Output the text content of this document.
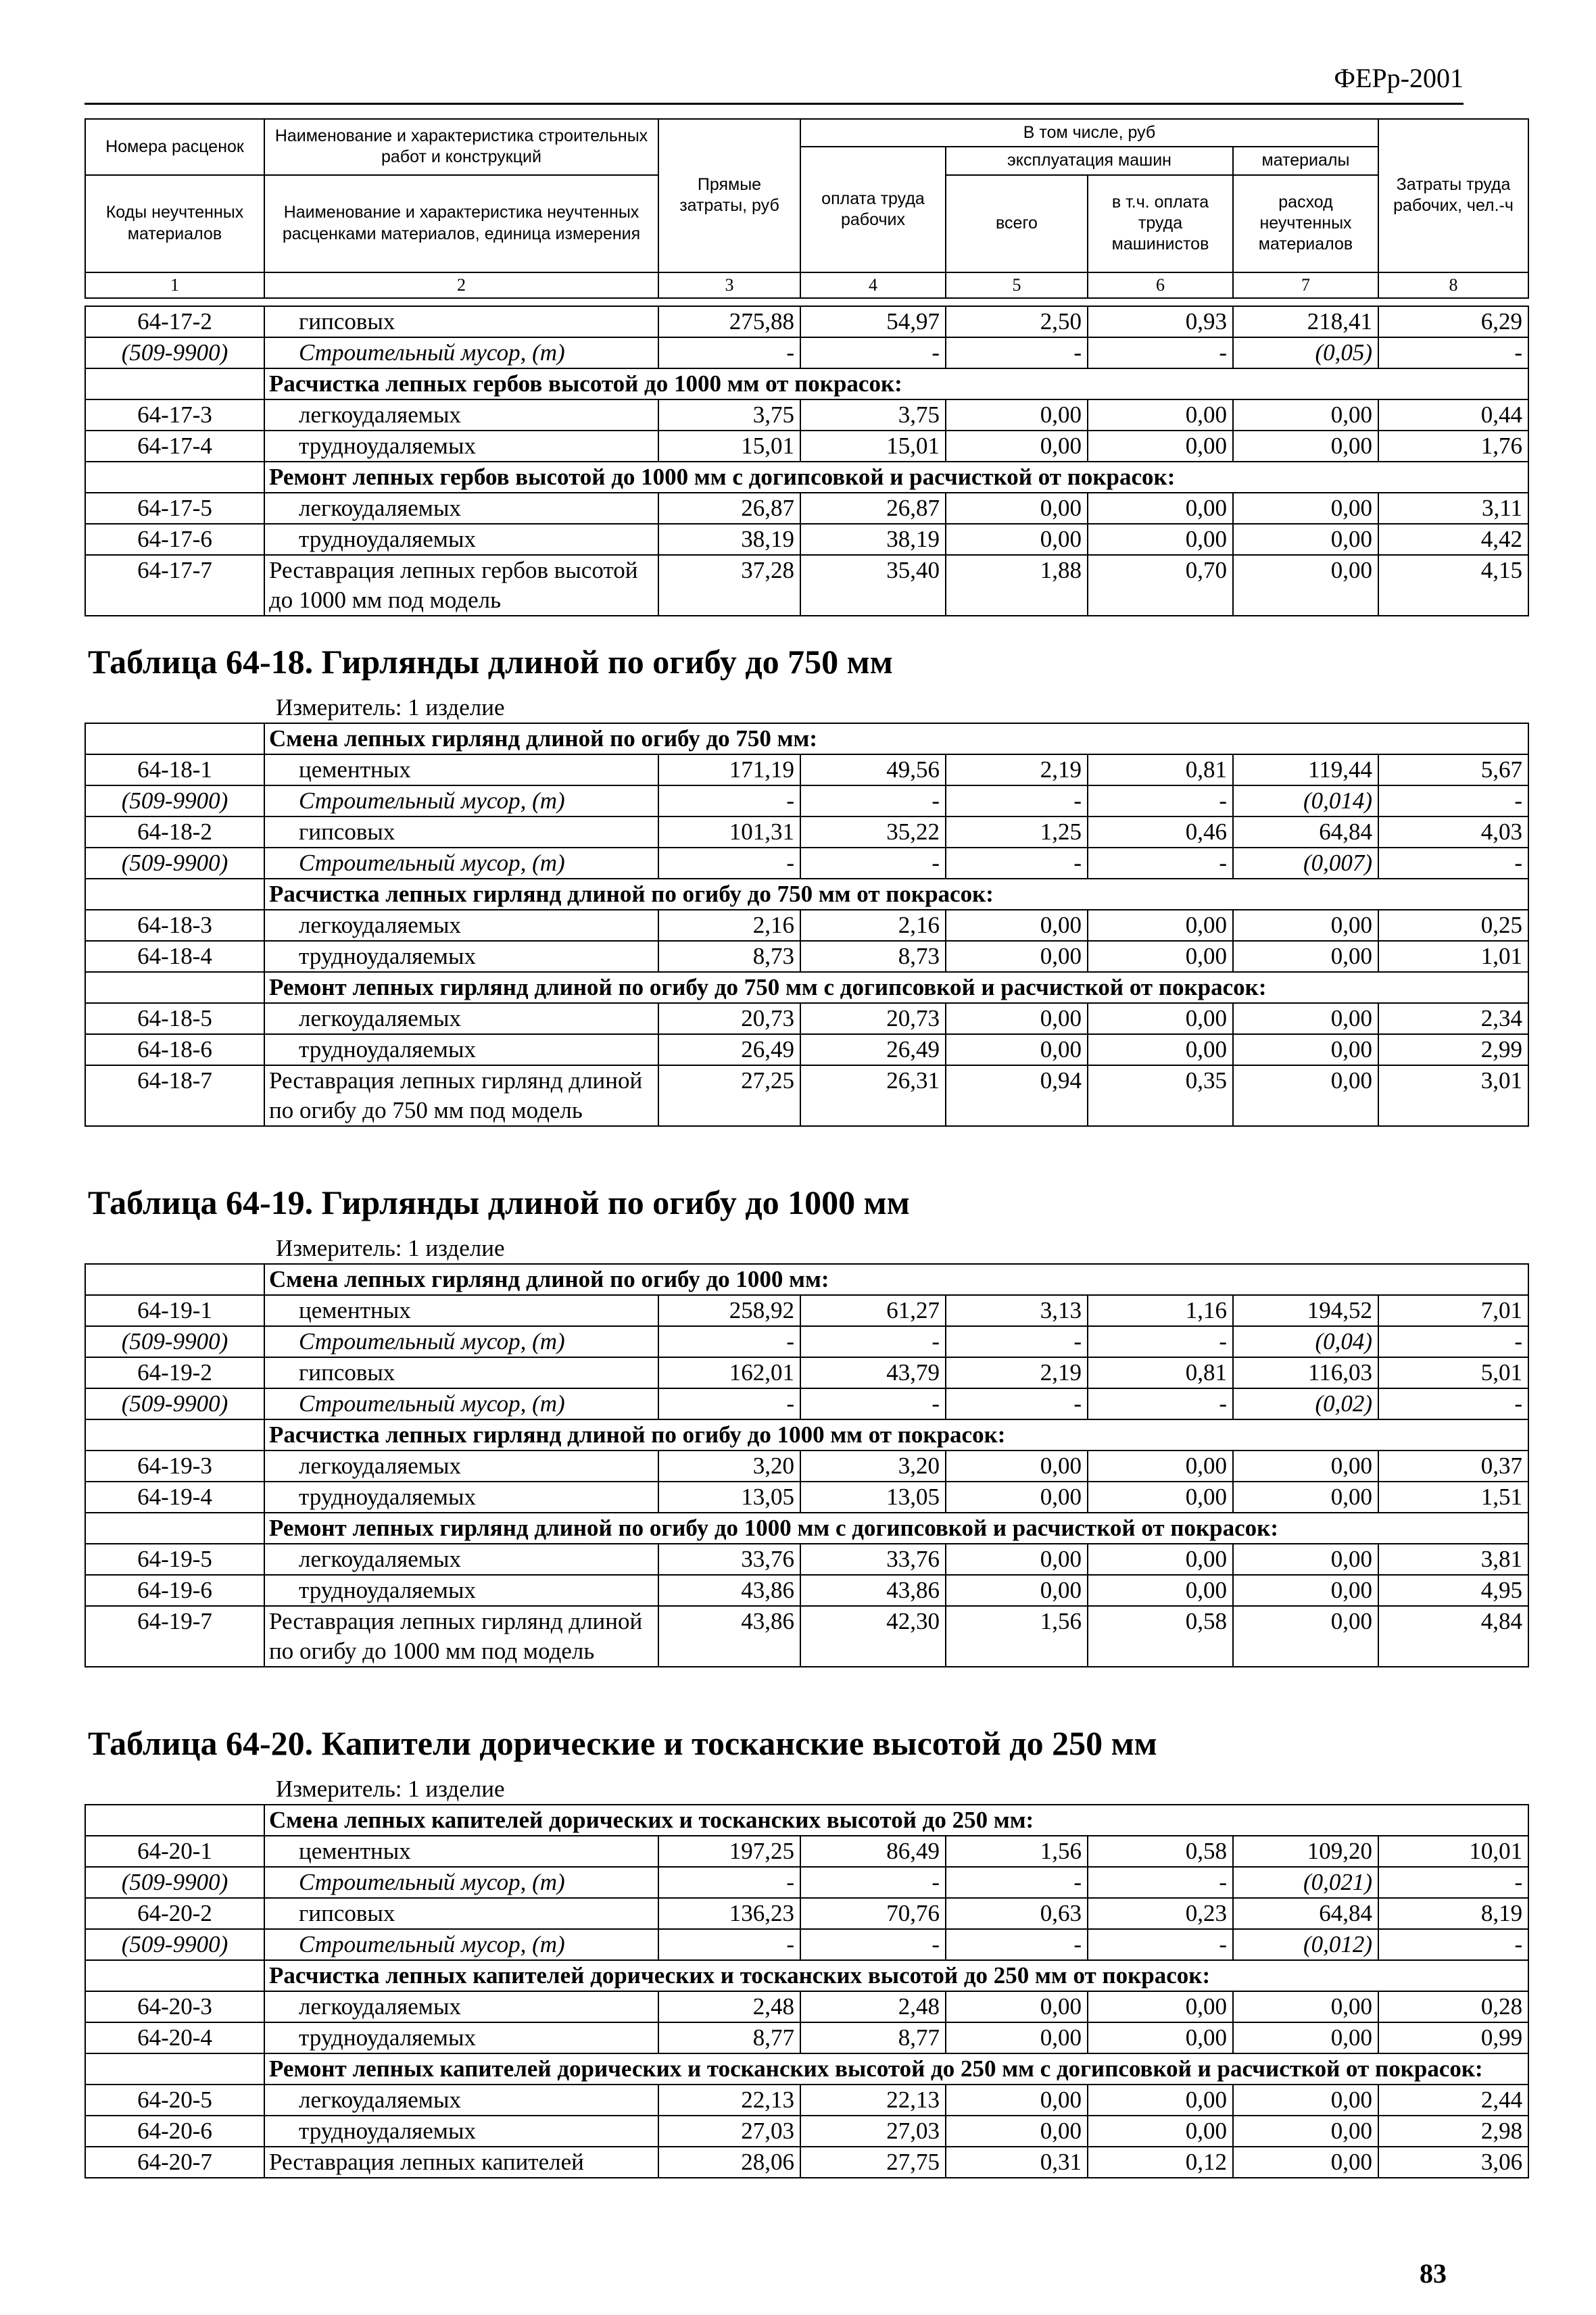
ФЕРр-2001
Номера расценок	Наименование и характеристика строительных работ и конструкций	Прямые затраты, руб	В том числе, руб				Затраты труда рабочих, чел.-ч
			оплата труда рабочих	эксплуатация машин		материалы	
Коды неучтенных материалов	Наименование и характеристика неучтенных расценками материалов, единица измерения			всего	в т.ч. оплата труда машинистов	расход неучтенных материалов	

1	2	3	4	5	6	7	8
64-17-2	гипсовых	275,88	54,97	2,50	0,93	218,41	6,29
(509-9900)	Строительный мусор, (т)	-	-	-	-	(0,05)	-
	Расчистка лепных гербов высотой до 1000 мм от покрасок:						
64-17-3	легкоудаляемых	3,75	3,75	0,00	0,00	0,00	0,44
64-17-4	трудноудаляемых	15,01	15,01	0,00	0,00	0,00	1,76
	Ремонт лепных гербов высотой до 1000 мм с догипсовкой и расчисткой от покрасок:						
64-17-5	легкоудаляемых	26,87	26,87	0,00	0,00	0,00	3,11
64-17-6	трудноудаляемых	38,19	38,19	0,00	0,00	0,00	4,42
64-17-7	Реставрация лепных гербов высотой до 1000 мм под модель	37,28	35,40	1,88	0,70	0,00	4,15
Таблица 64-18. Гирлянды длиной по огибу до 750 мм
	Измеритель: 1 изделие
	Смена лепных гирлянд длиной по огибу до 750 мм:						
64-18-1	цементных	171,19	49,56	2,19	0,81	119,44	5,67
(509-9900)	Строительный мусор, (т)	-	-	-	-	(0,014)	-
64-18-2	гипсовых	101,31	35,22	1,25	0,46	64,84	4,03
(509-9900)	Строительный мусор, (т)	-	-	-	-	(0,007)	-
	Расчистка лепных гирлянд длиной по огибу до 750 мм от покрасок:						
64-18-3	легкоудаляемых	2,16	2,16	0,00	0,00	0,00	0,25
64-18-4	трудноудаляемых	8,73	8,73	0,00	0,00	0,00	1,01
	Ремонт лепных гирлянд длиной по огибу до 750 мм с догипсовкой и расчисткой от покрасок:						
64-18-5	легкоудаляемых	20,73	20,73	0,00	0,00	0,00	2,34
64-18-6	трудноудаляемых	26,49	26,49	0,00	0,00	0,00	2,99
64-18-7	Реставрация лепных гирлянд длиной по огибу до 750 мм под модель	27,25	26,31	0,94	0,35	0,00	3,01
Таблица 64-19. Гирлянды длиной по огибу до 1000 мм
	Измеритель: 1 изделие
	Смена лепных гирлянд длиной по огибу до 1000 мм:						
64-19-1	цементных	258,92	61,27	3,13	1,16	194,52	7,01
(509-9900)	Строительный мусор, (т)	-	-	-	-	(0,04)	-
64-19-2	гипсовых	162,01	43,79	2,19	0,81	116,03	5,01
(509-9900)	Строительный мусор, (т)	-	-	-	-	(0,02)	-
	Расчистка лепных гирлянд длиной по огибу до 1000 мм от покрасок:						
64-19-3	легкоудаляемых	3,20	3,20	0,00	0,00	0,00	0,37
64-19-4	трудноудаляемых	13,05	13,05	0,00	0,00	0,00	1,51
	Ремонт лепных гирлянд длиной по огибу до 1000 мм с догипсовкой и расчисткой от покрасок:						
64-19-5	легкоудаляемых	33,76	33,76	0,00	0,00	0,00	3,81
64-19-6	трудноудаляемых	43,86	43,86	0,00	0,00	0,00	4,95
64-19-7	Реставрация лепных гирлянд длиной по огибу до 1000 мм под модель	43,86	42,30	1,56	0,58	0,00	4,84
Таблица 64-20. Капители дорические и тосканские высотой до 250 мм
	Измеритель: 1 изделие
	Смена лепных капителей дорических и тосканских высотой до 250 мм:						
64-20-1	цементных	197,25	86,49	1,56	0,58	109,20	10,01
(509-9900)	Строительный мусор, (т)	-	-	-	-	(0,021)	-
64-20-2	гипсовых	136,23	70,76	0,63	0,23	64,84	8,19
(509-9900)	Строительный мусор, (т)	-	-	-	-	(0,012)	-
	Расчистка лепных капителей дорических и тосканских высотой до 250 мм от покрасок:						
64-20-3	легкоудаляемых	2,48	2,48	0,00	0,00	0,00	0,28
64-20-4	трудноудаляемых	8,77	8,77	0,00	0,00	0,00	0,99
	Ремонт лепных капителей дорических и тосканских высотой до 250 мм с догипсовкой и расчисткой от покрасок:						
64-20-5	легкоудаляемых	22,13	22,13	0,00	0,00	0,00	2,44
64-20-6	трудноудаляемых	27,03	27,03	0,00	0,00	0,00	2,98
64-20-7	Реставрация лепных капителей	28,06	27,75	0,31	0,12	0,00	3,06
83
